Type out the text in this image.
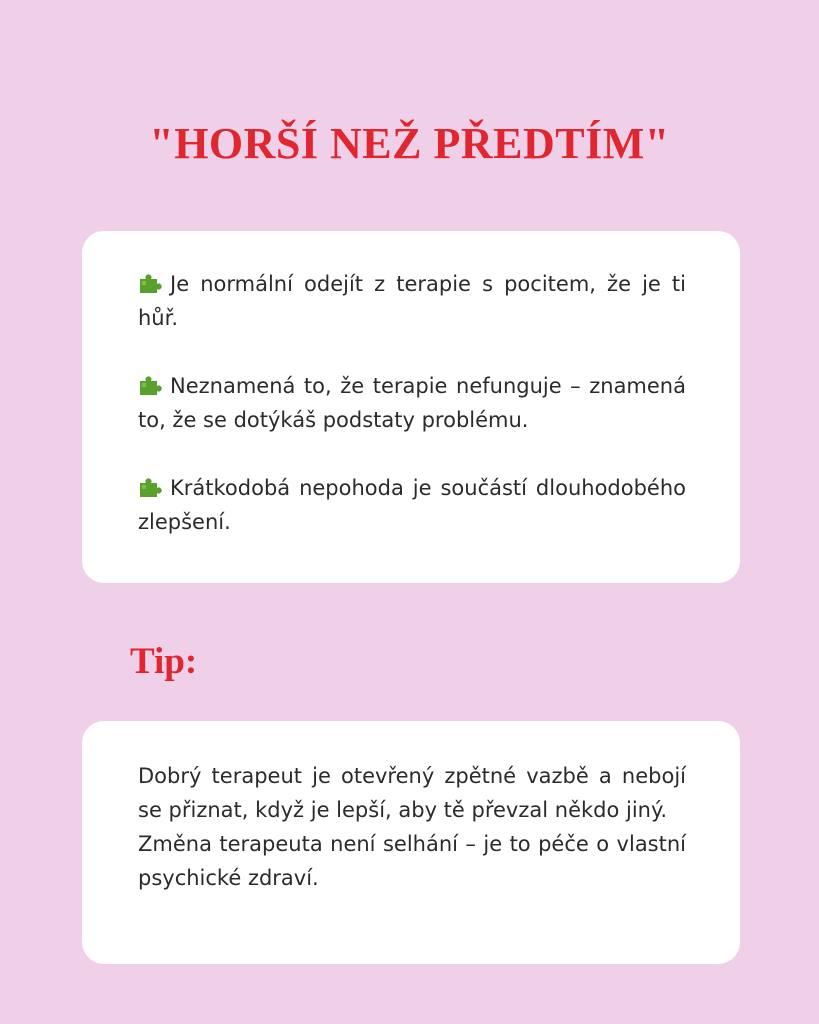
"HORŠÍ NEŽ PŘEDTÍM"

Je normální odejít z terapie s pocitem, že je ti hůř.

Neznamená to, že terapie nefunguje – znamená to, že se dotýkáš podstaty problému.

Krátkodobá nepohoda je součástí dlouhodobého zlepšení.

Tip:

Dobrý terapeut je otevřený zpětné vazbě a nebojí se přiznat, když je lepší, aby tě převzal někdo jiný.

Změna terapeuta není selhání – je to péče o vlastní psychické zdraví.
